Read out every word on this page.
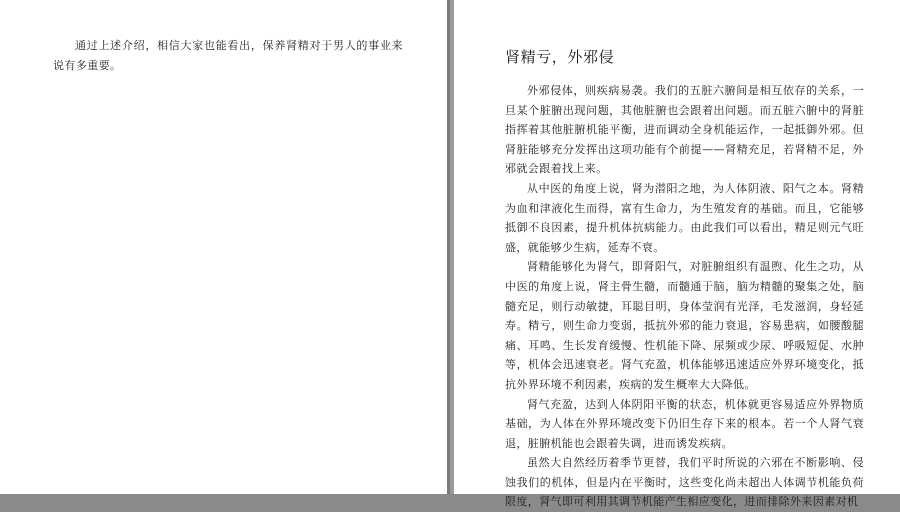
通过上述介绍，相信大家也能看出，保养肾精对于男人的事业来说有多重要。	肾精亏，外邪侵

外邪侵体，则疾病易袭。我们的五脏六腑间是相互依存的关系，一旦某个脏腑出现问题，其他脏腑也会跟着出问题。而五脏六腑中的肾脏指挥着其他脏腑机能平衡，进而调动全身机能运作，一起抵御外邪。但肾脏能够充分发挥出这项功能有个前提——肾精充足，若肾精不足，外邪就会跟着找上来。

从中医的角度上说，肾为潜阳之地，为人体阴液、阳气之本。肾精为血和津液化生而得，富有生命力，为生殖发育的基础。而且，它能够抵御不良因素，提升机体抗病能力。由此我们可以看出，精足则元气旺盛，就能够少生病，延寿不衰。

肾精能够化为肾气，即肾阳气，对脏腑组织有温煦、化生之功，从中医的角度上说，肾主骨生髓，而髓通于脑，脑为精髓的聚集之处，脑髓充足，则行动敏捷，耳聪目明，身体莹润有光泽，毛发滋润，身轻延寿。精亏，则生命力变弱，抵抗外邪的能力衰退，容易患病，如腰酸腿痛、耳鸣、生长发育缓慢、性机能下降、尿频或少尿、呼吸短促、水肿等，机体会迅速衰老。肾气充盈，机体能够迅速适应外界环境变化，抵抗外界环境不利因素，疾病的发生概率大大降低。

肾气充盈，达到人体阴阳平衡的状态，机体就更容易适应外界物质基础，为人体在外界环境改变下仍旧生存下来的根本。若一个人肾气衰退，脏腑机能也会跟着失调，进而诱发疾病。

虽然大自然经历着季节更替，我们平时所说的六邪在不断影响、侵蚀我们的机体，但是内在平衡时，这些变化尚未超出人体调节机能负荷限度，肾气即可利用其调节机能产生相应变化，进而排除外来因素对机
